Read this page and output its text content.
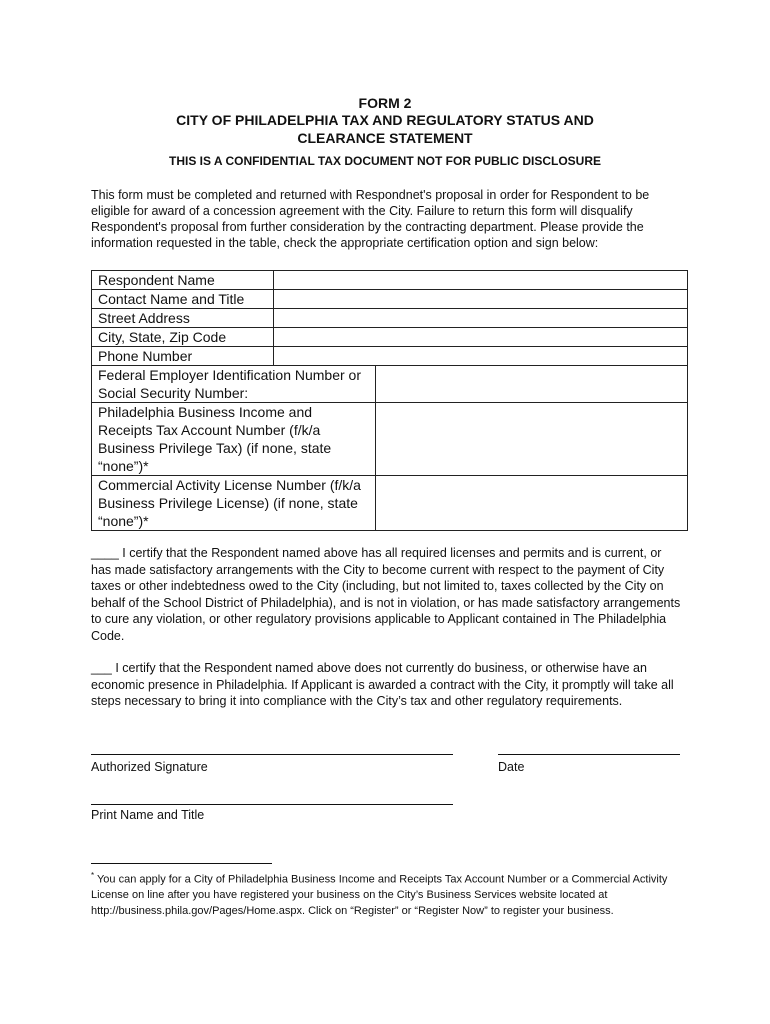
FORM 2
CITY OF PHILADELPHIA TAX AND REGULATORY STATUS AND
CLEARANCE STATEMENT
THIS IS A CONFIDENTIAL TAX DOCUMENT NOT FOR PUBLIC DISCLOSURE
This form must be completed and returned with Respondnet's proposal in order for Respondent to be eligible for award of a concession agreement with the City. Failure to return this form will disqualify Respondent's proposal from further consideration by the contracting department. Please provide the information requested in the table, check the appropriate certification option and sign below:
Respondent Name		
Contact Name and Title		
Street Address		
City, State, Zip Code		
Phone Number		
Federal Employer Identification Number or Social Security Number:		
Philadelphia Business Income and Receipts Tax Account Number (f/k/a Business Privilege Tax) (if none, state “none”)*		
Commercial Activity License Number (f/k/a Business Privilege License) (if none, state “none”)*		
____ I certify that the Respondent named above has all required licenses and permits and is current, or has made satisfactory arrangements with the City to become current with respect to the payment of City taxes or other indebtedness owed to the City (including, but not limited to, taxes collected by the City on behalf of the School District of Philadelphia), and is not in violation, or has made satisfactory arrangements to cure any violation, or other regulatory provisions applicable to Applicant contained in The Philadelphia Code.
___ I certify that the Respondent named above does not currently do business, or otherwise have an economic presence in Philadelphia. If Applicant is awarded a contract with the City, it promptly will take all steps necessary to bring it into compliance with the City’s tax and other regulatory requirements.
Authorized Signature	Date
Print Name and Title
* You can apply for a City of Philadelphia Business Income and Receipts Tax Account Number or a Commercial Activity License on line after you have registered your business on the City’s Business Services website located at http://business.phila.gov/Pages/Home.aspx. Click on “Register” or “Register Now” to register your business.
